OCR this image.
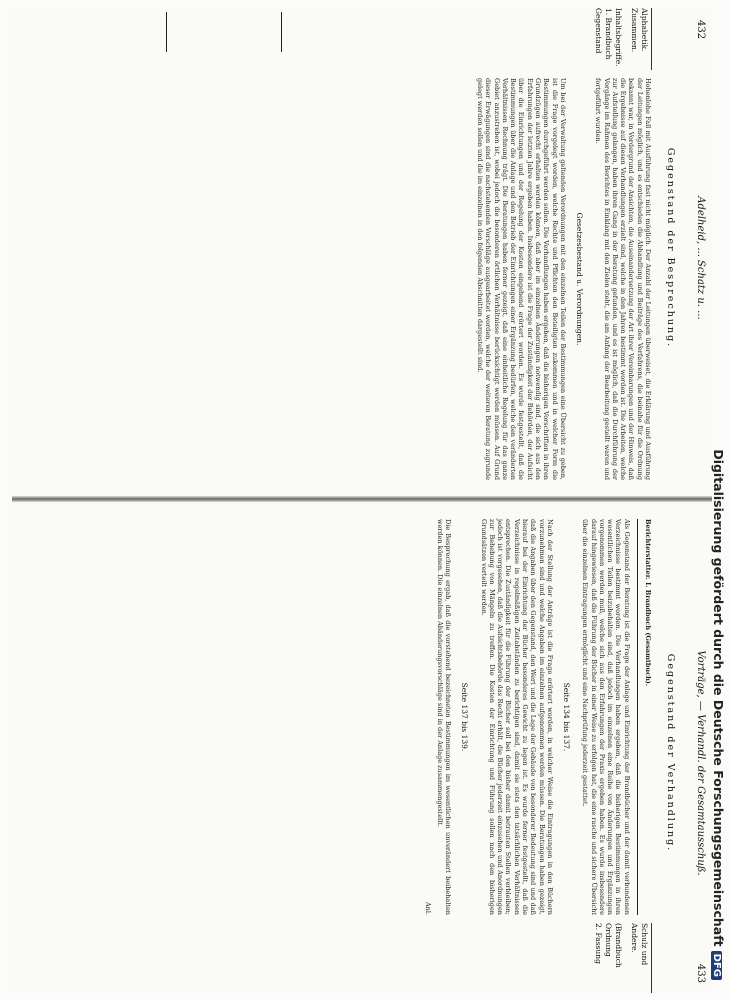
432
Adelheid, ... Schatz u. ...
Gegenstand der Besprechung.
Alphabetik. Zusammen.
Inhaltsbegriffe.
1. Brandbuch
Gegenstand
Hohenlohe Fall mit Ausführung fast nicht möglich. Der Anzahl der Leitungen überweiset, die Erklärung und Ausführung der Leitungen möglich, und es entschieden die Abhandlung und Beiträge des Verfahrens, die beinahe für die Ordnung bekannt war, in Vordergrund der Ansichten, die Auseinandersetzung der Art ihrer Vereinbarungen und der Hinweis, daß die Ergebnisse auf diesen Verhandlungen erzielt sind, welche in den Jahren bestimmt worden ist. Die Arbeiten, welche zur Aufstellung gelangen, haben ihren Gang in der Beratung gefunden, und es ist möglich, daß die Durchführung der Vorgänge im Rahmen des Berichtes in Einklang mit den Zielen steht, die am Anfang der Bearbeitung gestellt waren und fortgeführt wurden.
Gesetzesbestand u. Verordnungen.
Um bei der Verwaltung geltenden Verordnungen mit den einzelnen Teilen der Bestimmungen eine Übersicht zu geben, ist die Frage vorgelegt worden, welche Rechte und Pflichten den Beteiligten zukommen und in welcher Form die Bestimmungen durchgeführt werden sollen. Die Verhandlungen haben ergeben, daß die bisherigen Vorschriften in ihren Grundzügen aufrecht erhalten werden können, daß aber im einzelnen Änderungen notwendig sind, die sich aus den Erfahrungen der letzten Jahre ergeben haben. Insbesondere ist die Frage der Zuständigkeit der Behörden, der Aufsicht über die Einrichtungen und der Regelung der Kosten eingehend erörtert worden. Es wurde festgestellt, daß die Bestimmungen über die Anlage und den Betrieb der Einrichtungen einer Ergänzung bedürfen, welche den veränderten Verhältnissen Rechnung trägt. Die Beratungen haben ferner gezeigt, daß eine einheitliche Regelung für das ganze Gebiet anzustreben ist, wobei jedoch die besonderen örtlichen Verhältnisse berücksichtigt werden müssen. Auf Grund dieser Erwägungen sind die nachstehenden Vorschläge ausgearbeitet worden, welche der weiteren Beratung zugrunde gelegt werden sollen und die im einzelnen in den folgenden Abschnitten dargestellt sind.
Vorträge, — Verhandl. der Gesamtausschuß.
433
Gegenstand der Verhandlung.
Schulz und Andere.
(Brandbuch
Ordnung
2. Fassung
Berichterstatter. I. Brandbuch (Gesamtbuch).
Als Gegenstand der Beratung ist die Frage der Anlage und Einrichtung der Brandbücher und der damit verbundenen Verzeichnisse bestimmt worden. Die Verhandlungen haben ergeben, daß die bisherigen Bestimmungen in ihren wesentlichen Teilen beizubehalten sind, daß jedoch im einzelnen eine Reihe von Änderungen und Ergänzungen vorgenommen werden muß, welche sich aus den Erfahrungen der Praxis ergeben haben. Es wurde insbesondere darauf hingewiesen, daß die Führung der Bücher in einer Weise zu erfolgen hat, die eine rasche und sichere Übersicht über die einzelnen Eintragungen ermöglicht und eine Nachprüfung jederzeit gestattet.
Seite 134 bis 137.
Nach der Stellung der Anträge ist die Frage erörtert worden, in welcher Weise die Eintragungen in den Büchern vorzunehmen sind und welche Angaben im einzelnen aufgenommen werden müssen. Die Beratungen haben gezeigt, daß die Angaben über den Gegenstand, den Wert und die Lage der Gebäude von besonderer Bedeutung sind und daß hierauf bei der Einrichtung der Bücher besonderes Gewicht zu legen ist. Es wurde ferner festgestellt, daß die Verzeichnisse in regelmäßigen Zeitabständen zu berichtigen sind, damit sie stets den tatsächlichen Verhältnissen entsprechen. Die Zuständigkeit für die Führung der Bücher soll bei den bisher damit betrauten Stellen verbleiben; jedoch ist vorgesehen, daß die Aufsichtsbehörde das Recht erhält, die Bücher jederzeit einzusehen und Anordnungen zur Behebung von Mängeln zu treffen. Die Kosten der Einrichtung und Führung sollen nach den bisherigen Grundsätzen verteilt werden.
Seite 137 bis 139.
Die Besprechung ergab, daß die vorstehend bezeichneten Bestimmungen im wesentlichen unverändert beibehalten werden können. Die einzelnen Abänderungsvorschläge sind in der Anlage zusammengestellt.
Anl.	Digitalisierung gefördert durch die Deutsche ForschungsgemeinschaftDFG
